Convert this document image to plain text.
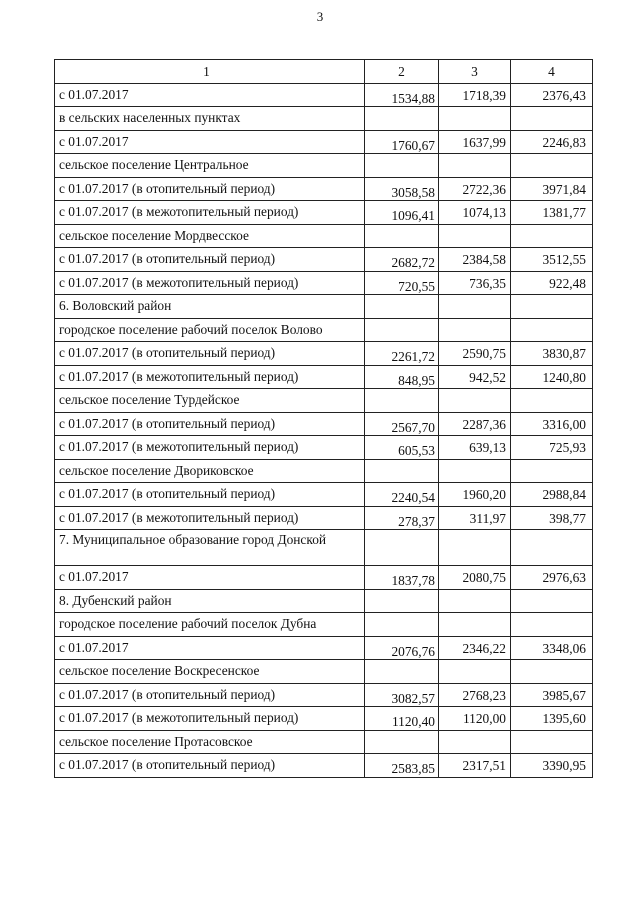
3
1	2	3	4
с 01.07.2017	1534,88	1718,39	2376,43
в сельских населенных пунктах			
с 01.07.2017	1760,67	1637,99	2246,83
сельское поселение Центральное			
с 01.07.2017 (в отопительный период)	3058,58	2722,36	3971,84
с 01.07.2017 (в межотопительный период)	1096,41	1074,13	1381,77
сельское поселение Мордвесское			
с 01.07.2017 (в отопительный период)	2682,72	2384,58	3512,55
с 01.07.2017 (в межотопительный период)	720,55	736,35	922,48
6. Воловский район			
городское поселение рабочий поселок Волово			
с 01.07.2017 (в отопительный период)	2261,72	2590,75	3830,87
с 01.07.2017 (в межотопительный период)	848,95	942,52	1240,80
сельское поселение Турдейское			
с 01.07.2017 (в отопительный период)	2567,70	2287,36	3316,00
с 01.07.2017 (в межотопительный период)	605,53	639,13	725,93
сельское поселение Двориковское			
с 01.07.2017 (в отопительный период)	2240,54	1960,20	2988,84
с 01.07.2017 (в межотопительный период)	278,37	311,97	398,77
7. Муниципальное образование город Донской			
с 01.07.2017	1837,78	2080,75	2976,63
8. Дубенский район			
городское поселение рабочий поселок Дубна			
с 01.07.2017	2076,76	2346,22	3348,06
сельское поселение Воскресенское			
с 01.07.2017 (в отопительный период)	3082,57	2768,23	3985,67
с 01.07.2017 (в межотопительный период)	1120,40	1120,00	1395,60
сельское поселение Протасовское			
с 01.07.2017 (в отопительный период)	2583,85	2317,51	3390,95
